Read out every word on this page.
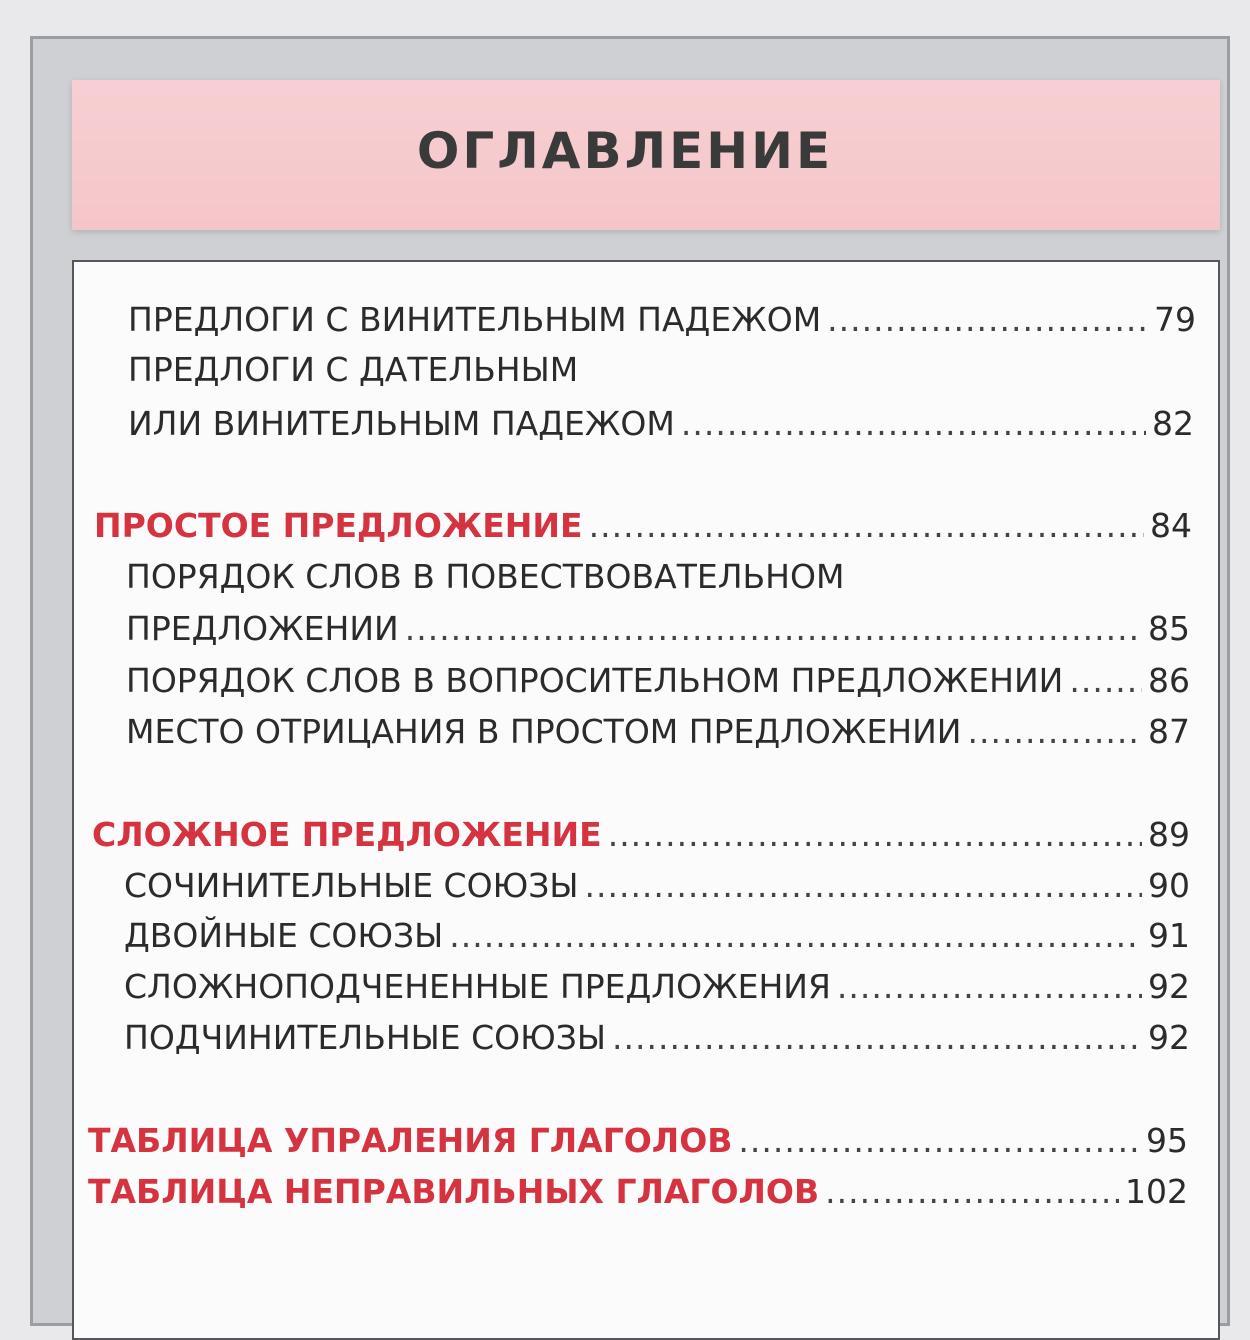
ОГЛАВЛЕНИЕ
ПРЕДЛОГИ С ВИНИТЕЛЬНЫМ ПАДЕЖОМ .....	79
ПРЕДЛОГИ С ДАТЕЛЬНЫМ
ИЛИ ВИНИТЕЛЬНЫМ ПАДЕЖОМ .....	82
ПРОСТОЕ ПРЕДЛОЖЕНИЕ .....	84
ПОРЯДОК СЛОВ В ПОВЕСТВОВАТЕЛЬНОМ
ПРЕДЛОЖЕНИИ .....	85
ПОРЯДОК СЛОВ В ВОПРОСИТЕЛЬНОМ ПРЕДЛОЖЕНИИ .....	86
МЕСТО ОТРИЦАНИЯ В ПРОСТОМ ПРЕДЛОЖЕНИИ .....	87
СЛОЖНОЕ ПРЕДЛОЖЕНИЕ .....	89
СОЧИНИТЕЛЬНЫЕ СОЮЗЫ .....	90
ДВОЙНЫЕ СОЮЗЫ .....	91
СЛОЖНОПОДЧЕНЕННЫЕ ПРЕДЛОЖЕНИЯ .....	92
ПОДЧИНИТЕЛЬНЫЕ СОЮЗЫ .....	92
ТАБЛИЦА УПРАЛЕНИЯ ГЛАГОЛОВ .....	95
ТАБЛИЦА НЕПРАВИЛЬНЫХ ГЛАГОЛОВ .....	102
